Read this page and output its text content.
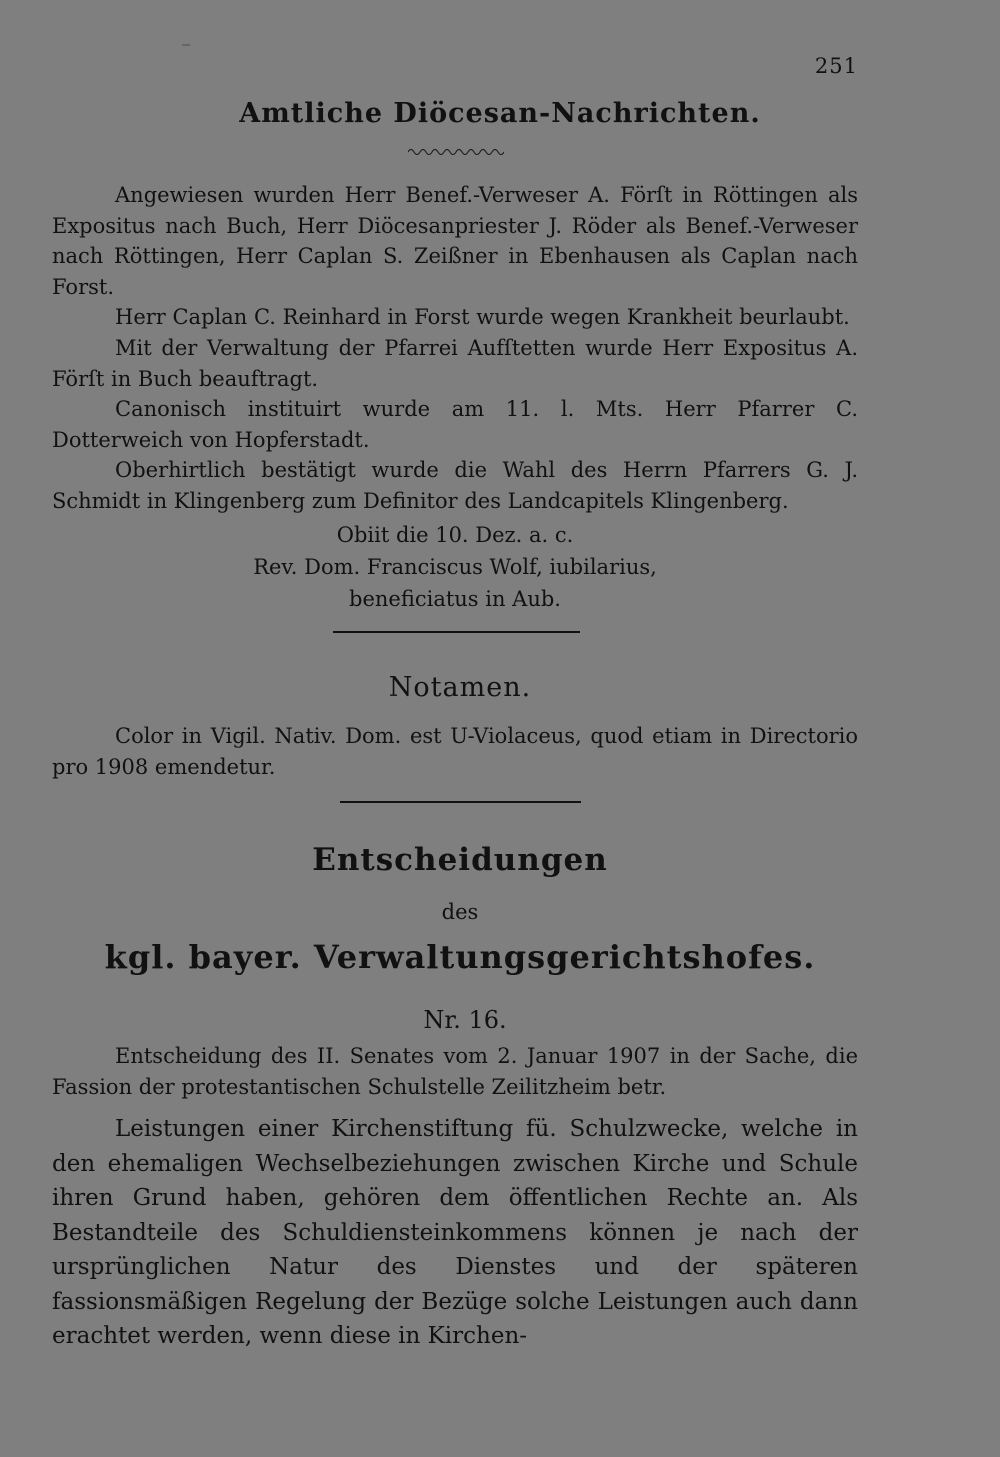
251
Amtliche Diöcesan-Nachrichten.
Angewiesen wurden Herr Benef.-Verweser A. Förſt in Röttingen als Expositus nach Buch, Herr Diöcesanpriester J. Röder als Benef.-Verweser nach Röttingen, Herr Caplan S. Zeißner in Ebenhausen als Caplan nach Forst.
Herr Caplan C. Reinhard in Forst wurde wegen Krankheit beurlaubt.
Mit der Verwaltung der Pfarrei Aufſtetten wurde Herr Expositus A. Förſt in Buch beauftragt.
Canonisch instituirt wurde am 11. l. Mts. Herr Pfarrer C. Dotterweich von Hopferstadt.
Oberhirtlich bestätigt wurde die Wahl des Herrn Pfarrers G. J. Schmidt in Klingenberg zum Definitor des Landcapitels Klingenberg.
Obiit die 10. Dez. a. c.
Rev. Dom. Franciscus Wolf, iubilarius,
beneficiatus in Aub.
Notamen.
Color in Vigil. Nativ. Dom. est U-Violaceus, quod etiam in Directorio pro 1908 emendetur.
Entscheidungen
des
kgl. bayer. Verwaltungsgerichtshofes.
Nr. 16.
Entscheidung des II. Senates vom 2. Januar 1907 in der Sache, die Fassion der protestantischen Schulstelle Zeilitzheim betr.
Leistungen einer Kirchenstiftung fü. Schulzwecke, welche in den ehemaligen Wechselbeziehungen zwischen Kirche und Schule ihren Grund haben, gehören dem öffentlichen Rechte an. Als Bestandteile des Schuldiensteinkommens können je nach der ursprünglichen Natur des Dienstes und der späteren fassionsmäßigen Regelung der Bezüge solche Leistungen auch dann erachtet werden, wenn diese in Kirchen-
